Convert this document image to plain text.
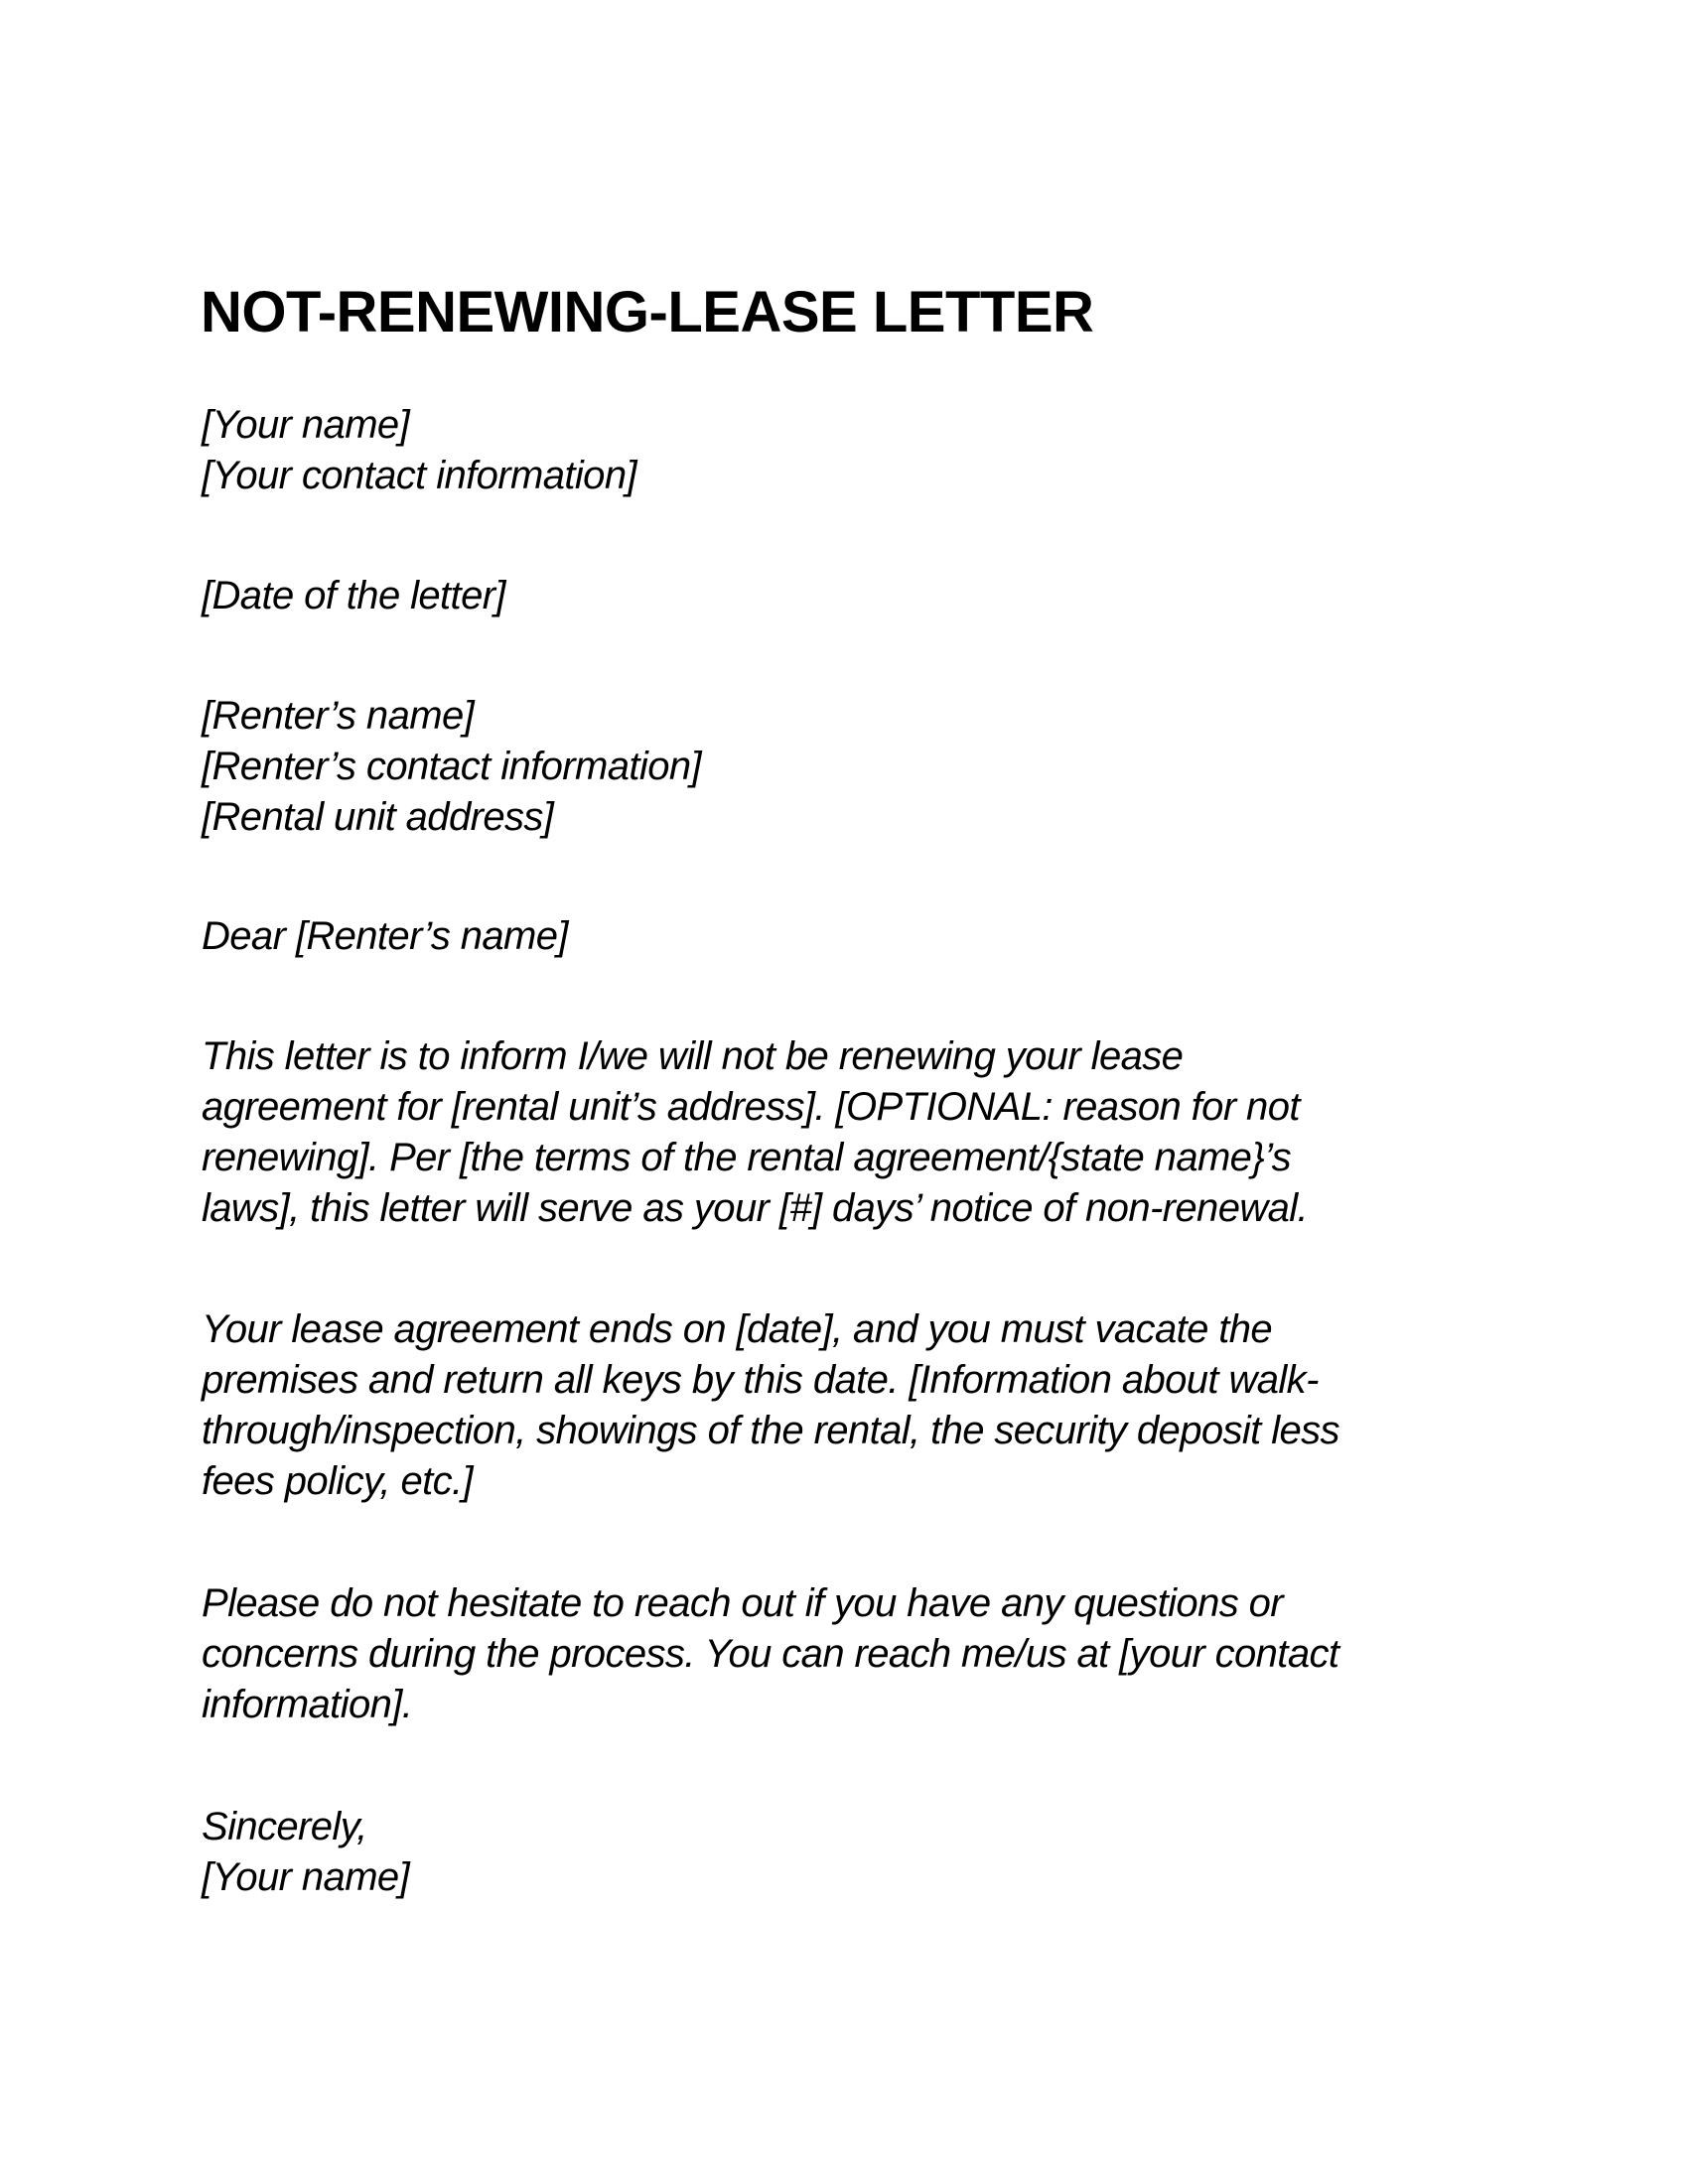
NOT-RENEWING-LEASE LETTER
[Your name]
[Your contact information]
[Date of the letter]
[Renter’s name]
[Renter’s contact information]
[Rental unit address]
Dear [Renter’s name]
This letter is to inform I/we will not be renewing your lease
agreement for [rental unit’s address]. [OPTIONAL: reason for not
renewing]. Per [the terms of the rental agreement/{state name}’s
laws], this letter will serve as your [#] days’ notice of non-renewal.
Your lease agreement ends on [date], and you must vacate the
premises and return all keys by this date. [Information about walk-
through/inspection, showings of the rental, the security deposit less
fees policy, etc.]
Please do not hesitate to reach out if you have any questions or
concerns during the process. You can reach me/us at [your contact
information].
Sincerely,
[Your name]
